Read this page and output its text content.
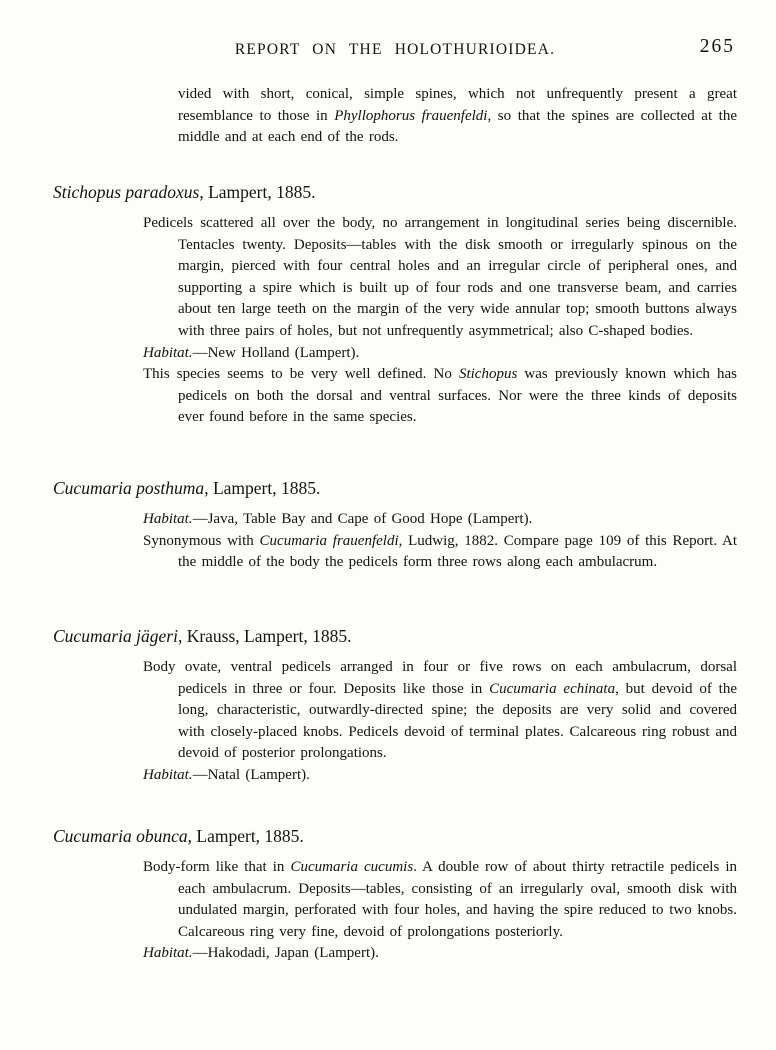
REPORT ON THE HOLOTHURIOIDEA.	265

vided with short, conical, simple spines, which not unfrequently present a great resemblance to those in Phyllophorus frauenfeldi, so that the spines are collected at the middle and at each end of the rods.

Stichopus paradoxus, Lampert, 1885.

Pedicels scattered all over the body, no arrangement in longitudinal series being discernible. Tentacles twenty. Deposits—tables with the disk smooth or irregularly spinous on the margin, pierced with four central holes and an irregular circle of peripheral ones, and supporting a spire which is built up of four rods and one transverse beam, and carries about ten large teeth on the margin of the very wide annular top; smooth buttons always with three pairs of holes, but not unfrequently asymmetrical; also C-shaped bodies.

Habitat.—New Holland (Lampert).

This species seems to be very well defined. No Stichopus was previously known which has pedicels on both the dorsal and ventral surfaces. Nor were the three kinds of deposits ever found before in the same species.

Cucumaria posthuma, Lampert, 1885.

Habitat.—Java, Table Bay and Cape of Good Hope (Lampert).

Synonymous with Cucumaria frauenfeldi, Ludwig, 1882. Compare page 109 of this Report. At the middle of the body the pedicels form three rows along each ambulacrum.

Cucumaria jägeri, Krauss, Lampert, 1885.

Body ovate, ventral pedicels arranged in four or five rows on each ambulacrum, dorsal pedicels in three or four. Deposits like those in Cucumaria echinata, but devoid of the long, characteristic, outwardly-directed spine; the deposits are very solid and covered with closely-placed knobs. Pedicels devoid of terminal plates. Calcareous ring robust and devoid of posterior prolongations.

Habitat.—Natal (Lampert).

Cucumaria obunca, Lampert, 1885.

Body-form like that in Cucumaria cucumis. A double row of about thirty retractile pedicels in each ambulacrum. Deposits—tables, consisting of an irregularly oval, smooth disk with undulated margin, perforated with four holes, and having the spire reduced to two knobs. Calcareous ring very fine, devoid of prolongations posteriorly.

Habitat.—Hakodadi, Japan (Lampert).
